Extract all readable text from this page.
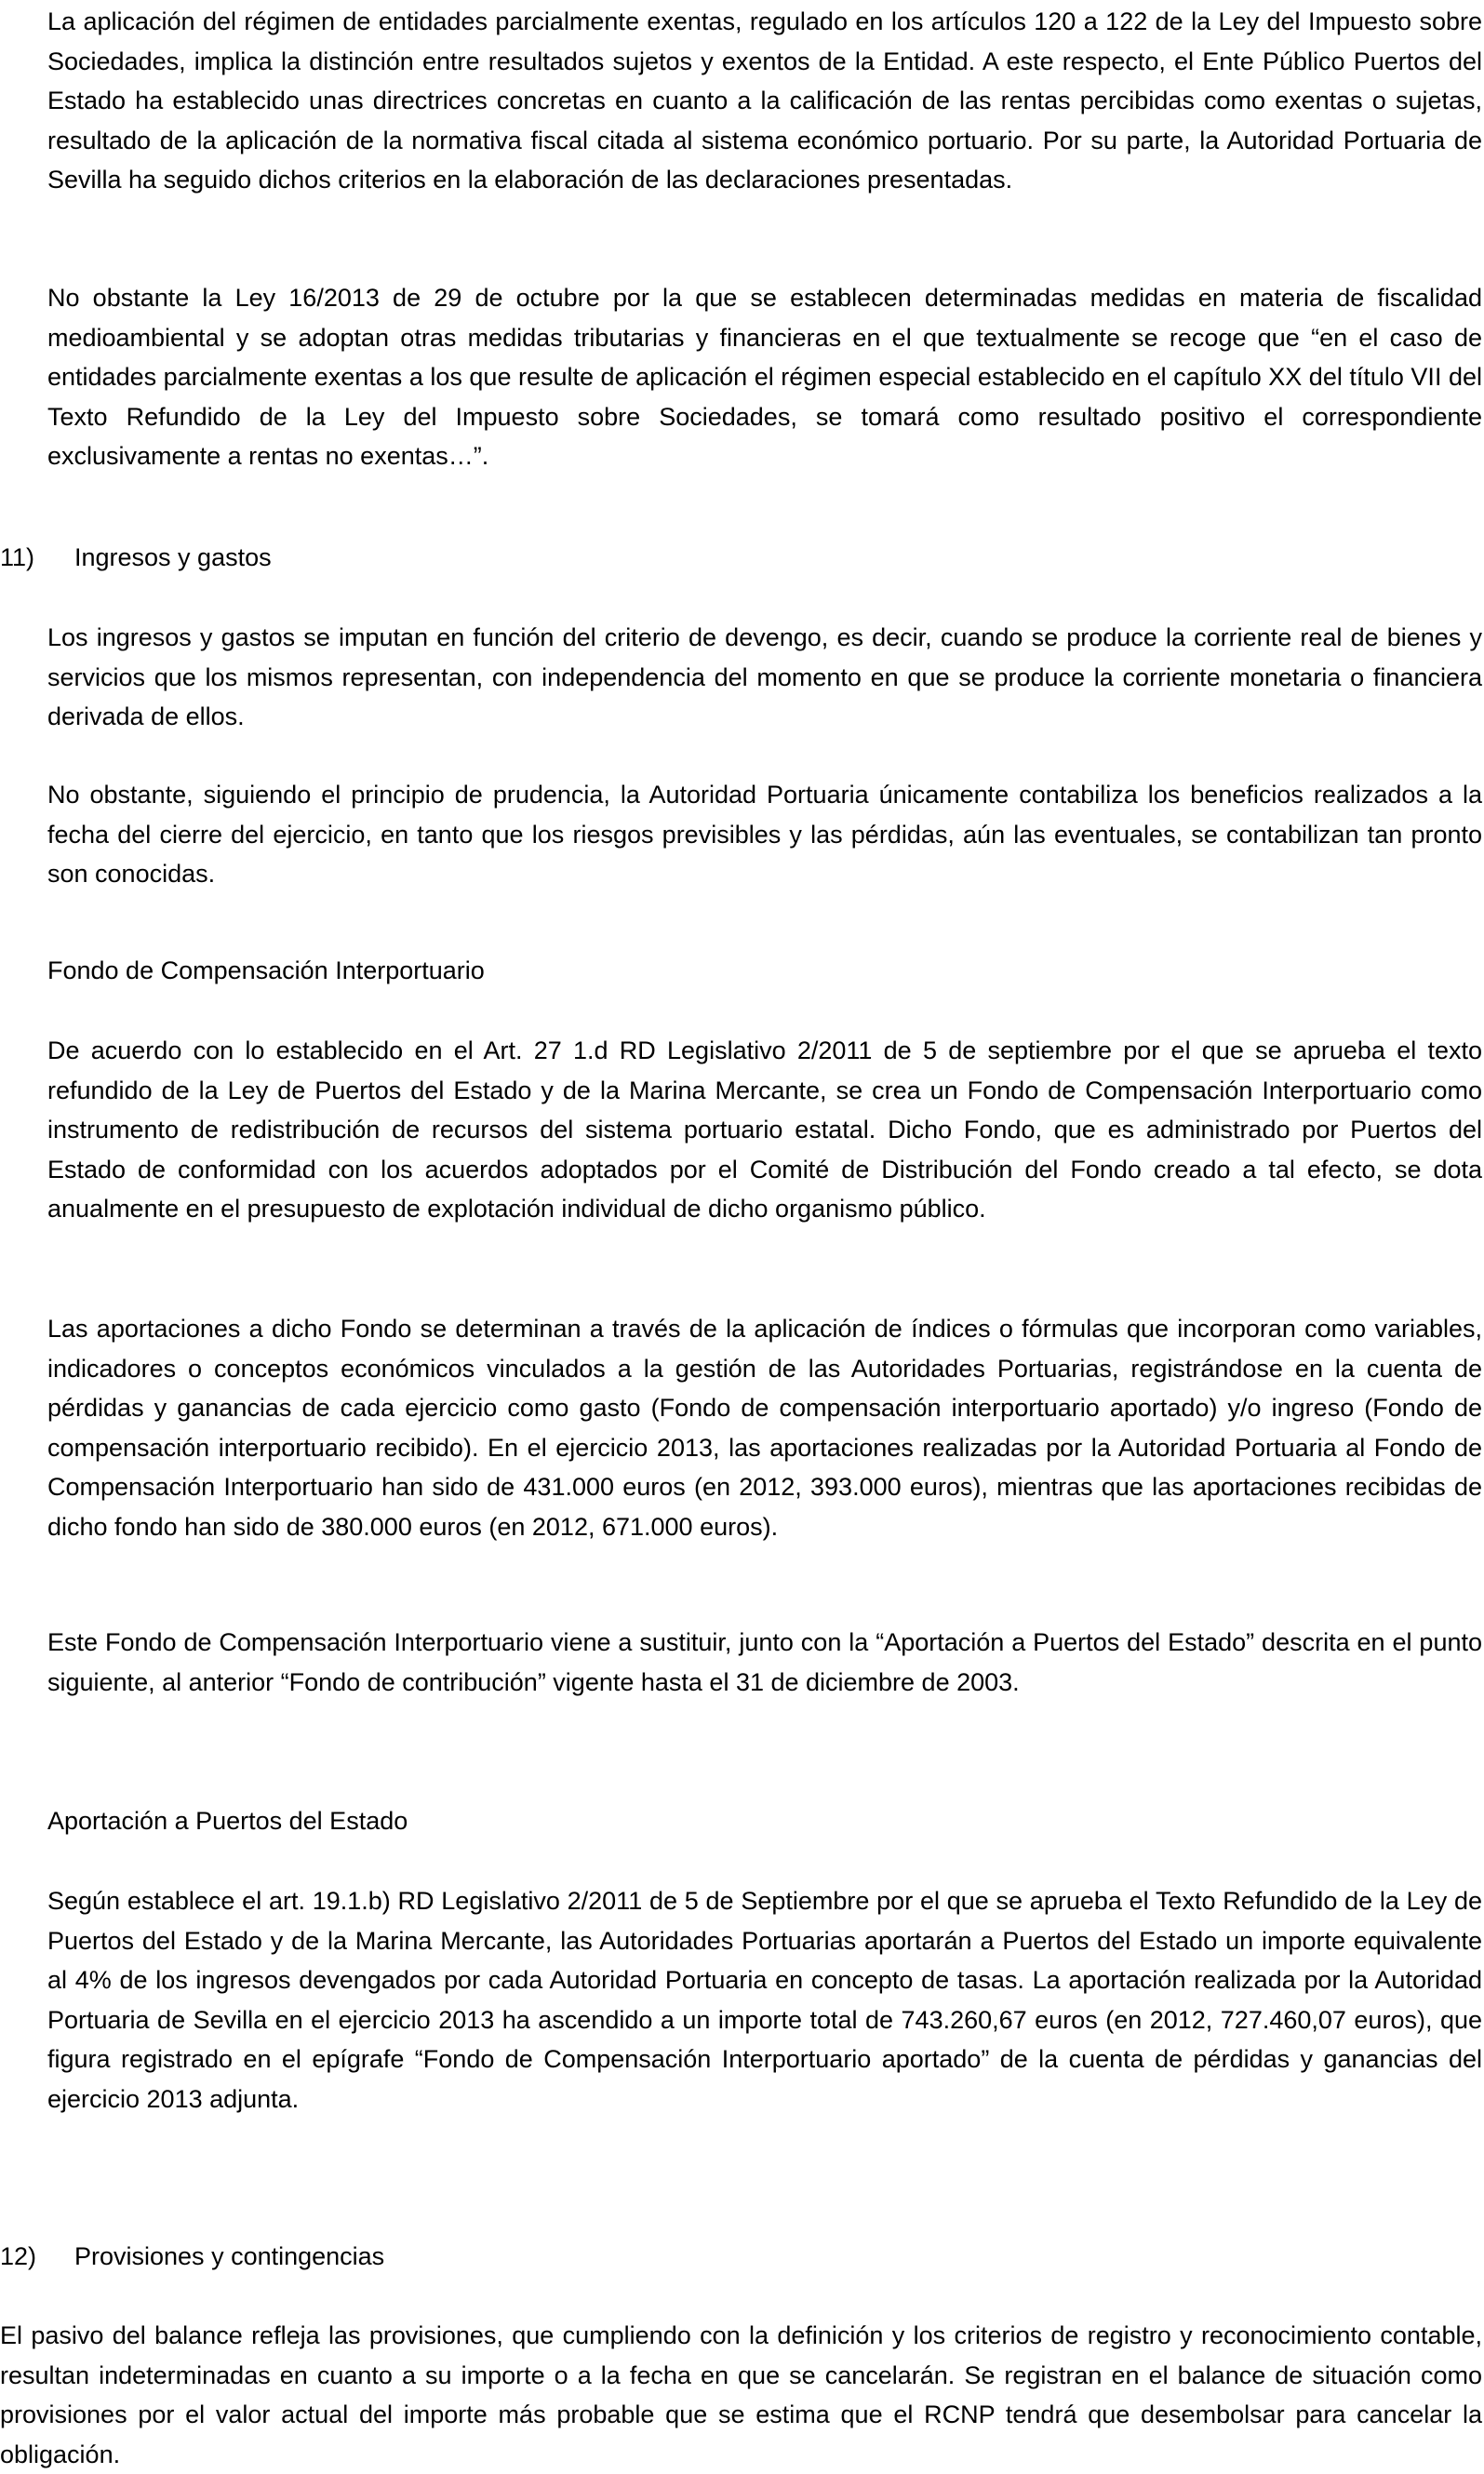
La aplicación del régimen de entidades parcialmente exentas, regulado en los artículos 120 a 122 de la Ley del Impuesto sobre Sociedades, implica la distinción entre resultados sujetos y exentos de la Entidad. A este respecto, el Ente Público Puertos del Estado ha establecido unas directrices concretas en cuanto a la calificación de las rentas percibidas como exentas o sujetas, resultado de la aplicación de la normativa fiscal citada al sistema económico portuario. Por su parte, la Autoridad Portuaria de Sevilla ha seguido dichos criterios en la elaboración de las declaraciones presentadas.

No obstante la Ley 16/2013 de 29 de octubre por la que se establecen determinadas medidas en materia de fiscalidad medioambiental y se adoptan otras medidas tributarias y financieras en el que textualmente se recoge que “en el caso de entidades parcialmente exentas a los que resulte de aplicación el régimen especial establecido en el capítulo XX del título VII del Texto Refundido de la Ley del Impuesto sobre Sociedades, se tomará como resultado positivo el correspondiente exclusivamente a rentas no exentas…”.

11) Ingresos y gastos

Los ingresos y gastos se imputan en función del criterio de devengo, es decir, cuando se produce la corriente real de bienes y servicios que los mismos representan, con independencia del momento en que se produce la corriente monetaria o financiera derivada de ellos.

No obstante, siguiendo el principio de prudencia, la Autoridad Portuaria únicamente contabiliza los beneficios realizados a la fecha del cierre del ejercicio, en tanto que los riesgos previsibles y las pérdidas, aún las eventuales, se contabilizan tan pronto son conocidas.

Fondo de Compensación Interportuario

De acuerdo con lo establecido en el Art. 27 1.d RD Legislativo 2/2011 de 5 de septiembre por el que se aprueba el texto refundido de la Ley de Puertos del Estado y de la Marina Mercante, se crea un Fondo de Compensación Interportuario como instrumento de redistribución de recursos del sistema portuario estatal. Dicho Fondo, que es administrado por Puertos del Estado de conformidad con los acuerdos adoptados por el Comité de Distribución del Fondo creado a tal efecto, se dota anualmente en el presupuesto de explotación individual de dicho organismo público.

Las aportaciones a dicho Fondo se determinan a través de la aplicación de índices o fórmulas que incorporan como variables, indicadores o conceptos económicos vinculados a la gestión de las Autoridades Portuarias, registrándose en la cuenta de pérdidas y ganancias de cada ejercicio como gasto (Fondo de compensación interportuario aportado) y/o ingreso (Fondo de compensación interportuario recibido). En el ejercicio 2013, las aportaciones realizadas por la Autoridad Portuaria al Fondo de Compensación Interportuario han sido de 431.000 euros (en 2012, 393.000 euros), mientras que las aportaciones recibidas de dicho fondo han sido de 380.000 euros (en 2012, 671.000 euros).

Este Fondo de Compensación Interportuario viene a sustituir, junto con la “Aportación a Puertos del Estado” descrita en el punto siguiente, al anterior “Fondo de contribución” vigente hasta el 31 de diciembre de 2003.

Aportación a Puertos del Estado

Según establece el art. 19.1.b) RD Legislativo 2/2011 de 5 de Septiembre por el que se aprueba el Texto Refundido de la Ley de Puertos del Estado y de la Marina Mercante, las Autoridades Portuarias aportarán a Puertos del Estado un importe equivalente al 4% de los ingresos devengados por cada Autoridad Portuaria en concepto de tasas. La aportación realizada por la Autoridad Portuaria de Sevilla en el ejercicio 2013 ha ascendido a un importe total de 743.260,67 euros (en 2012, 727.460,07 euros), que figura registrado en el epígrafe “Fondo de Compensación Interportuario aportado” de la cuenta de pérdidas y ganancias del ejercicio 2013 adjunta.

12) Provisiones y contingencias

El pasivo del balance refleja las provisiones, que cumpliendo con la definición y los criterios de registro y reconocimiento contable, resultan indeterminadas en cuanto a su importe o a la fecha en que se cancelarán. Se registran en el balance de situación como provisiones por el valor actual del importe más probable que se estima que el RCNP tendrá que desembolsar para cancelar la obligación.
